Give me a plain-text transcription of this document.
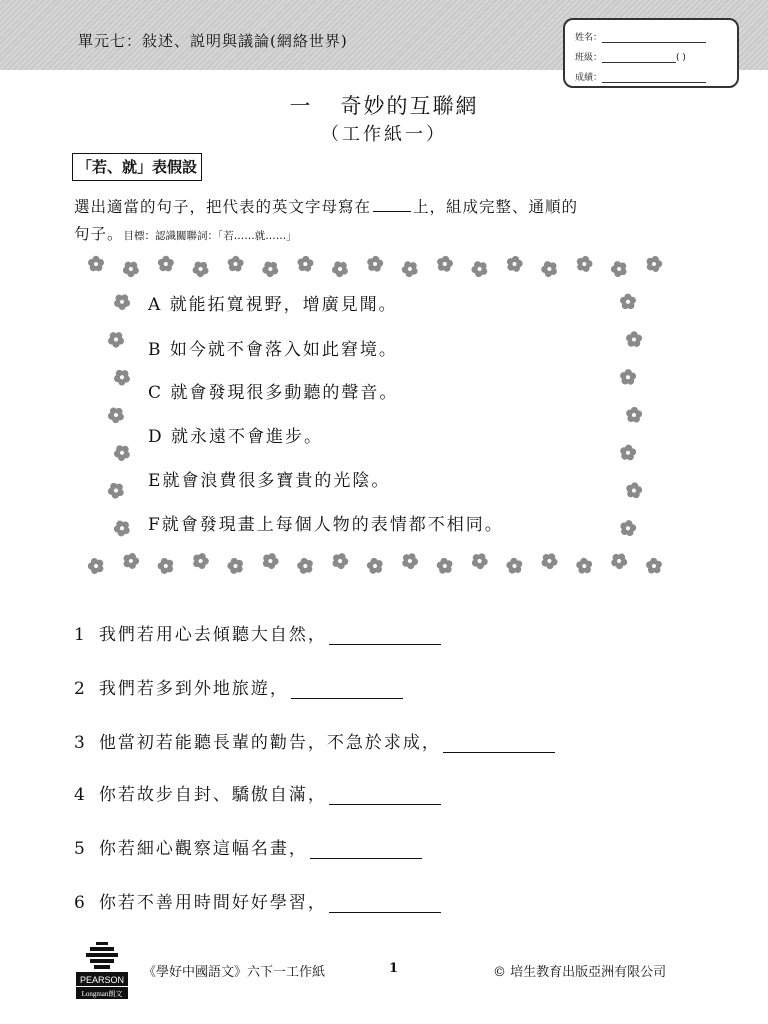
單元七：敍述、説明與議論(網絡世界)	姓名：
班級：	( )
成績：
一 奇妙的互聯網
（工作紙一）
「若、就」表假設
選出適當的句子，把代表的英文字母寫在	上，組成完整、通順的
句子。目標：認識關聯詞：「若……就……」
A 就能拓寬視野，增廣見聞。
B 如今就不會落入如此窘境。
C 就會發現很多動聽的聲音。
D 就永遠不會進步。
E就會浪費很多寶貴的光陰。
F就會發現畫上每個人物的表情都不相同。
1 我們若用心去傾聽大自然，
2 我們若多到外地旅遊，
3 他當初若能聽長輩的勸告，不急於求成，
4 你若故步自封、驕傲自滿，
5 你若細心觀察這幅名畫，
6 你若不善用時間好好學習，
PEARSON
Longman朗文
《學好中國語文》六下一工作紙	1	© 培生教育出版亞洲有限公司
